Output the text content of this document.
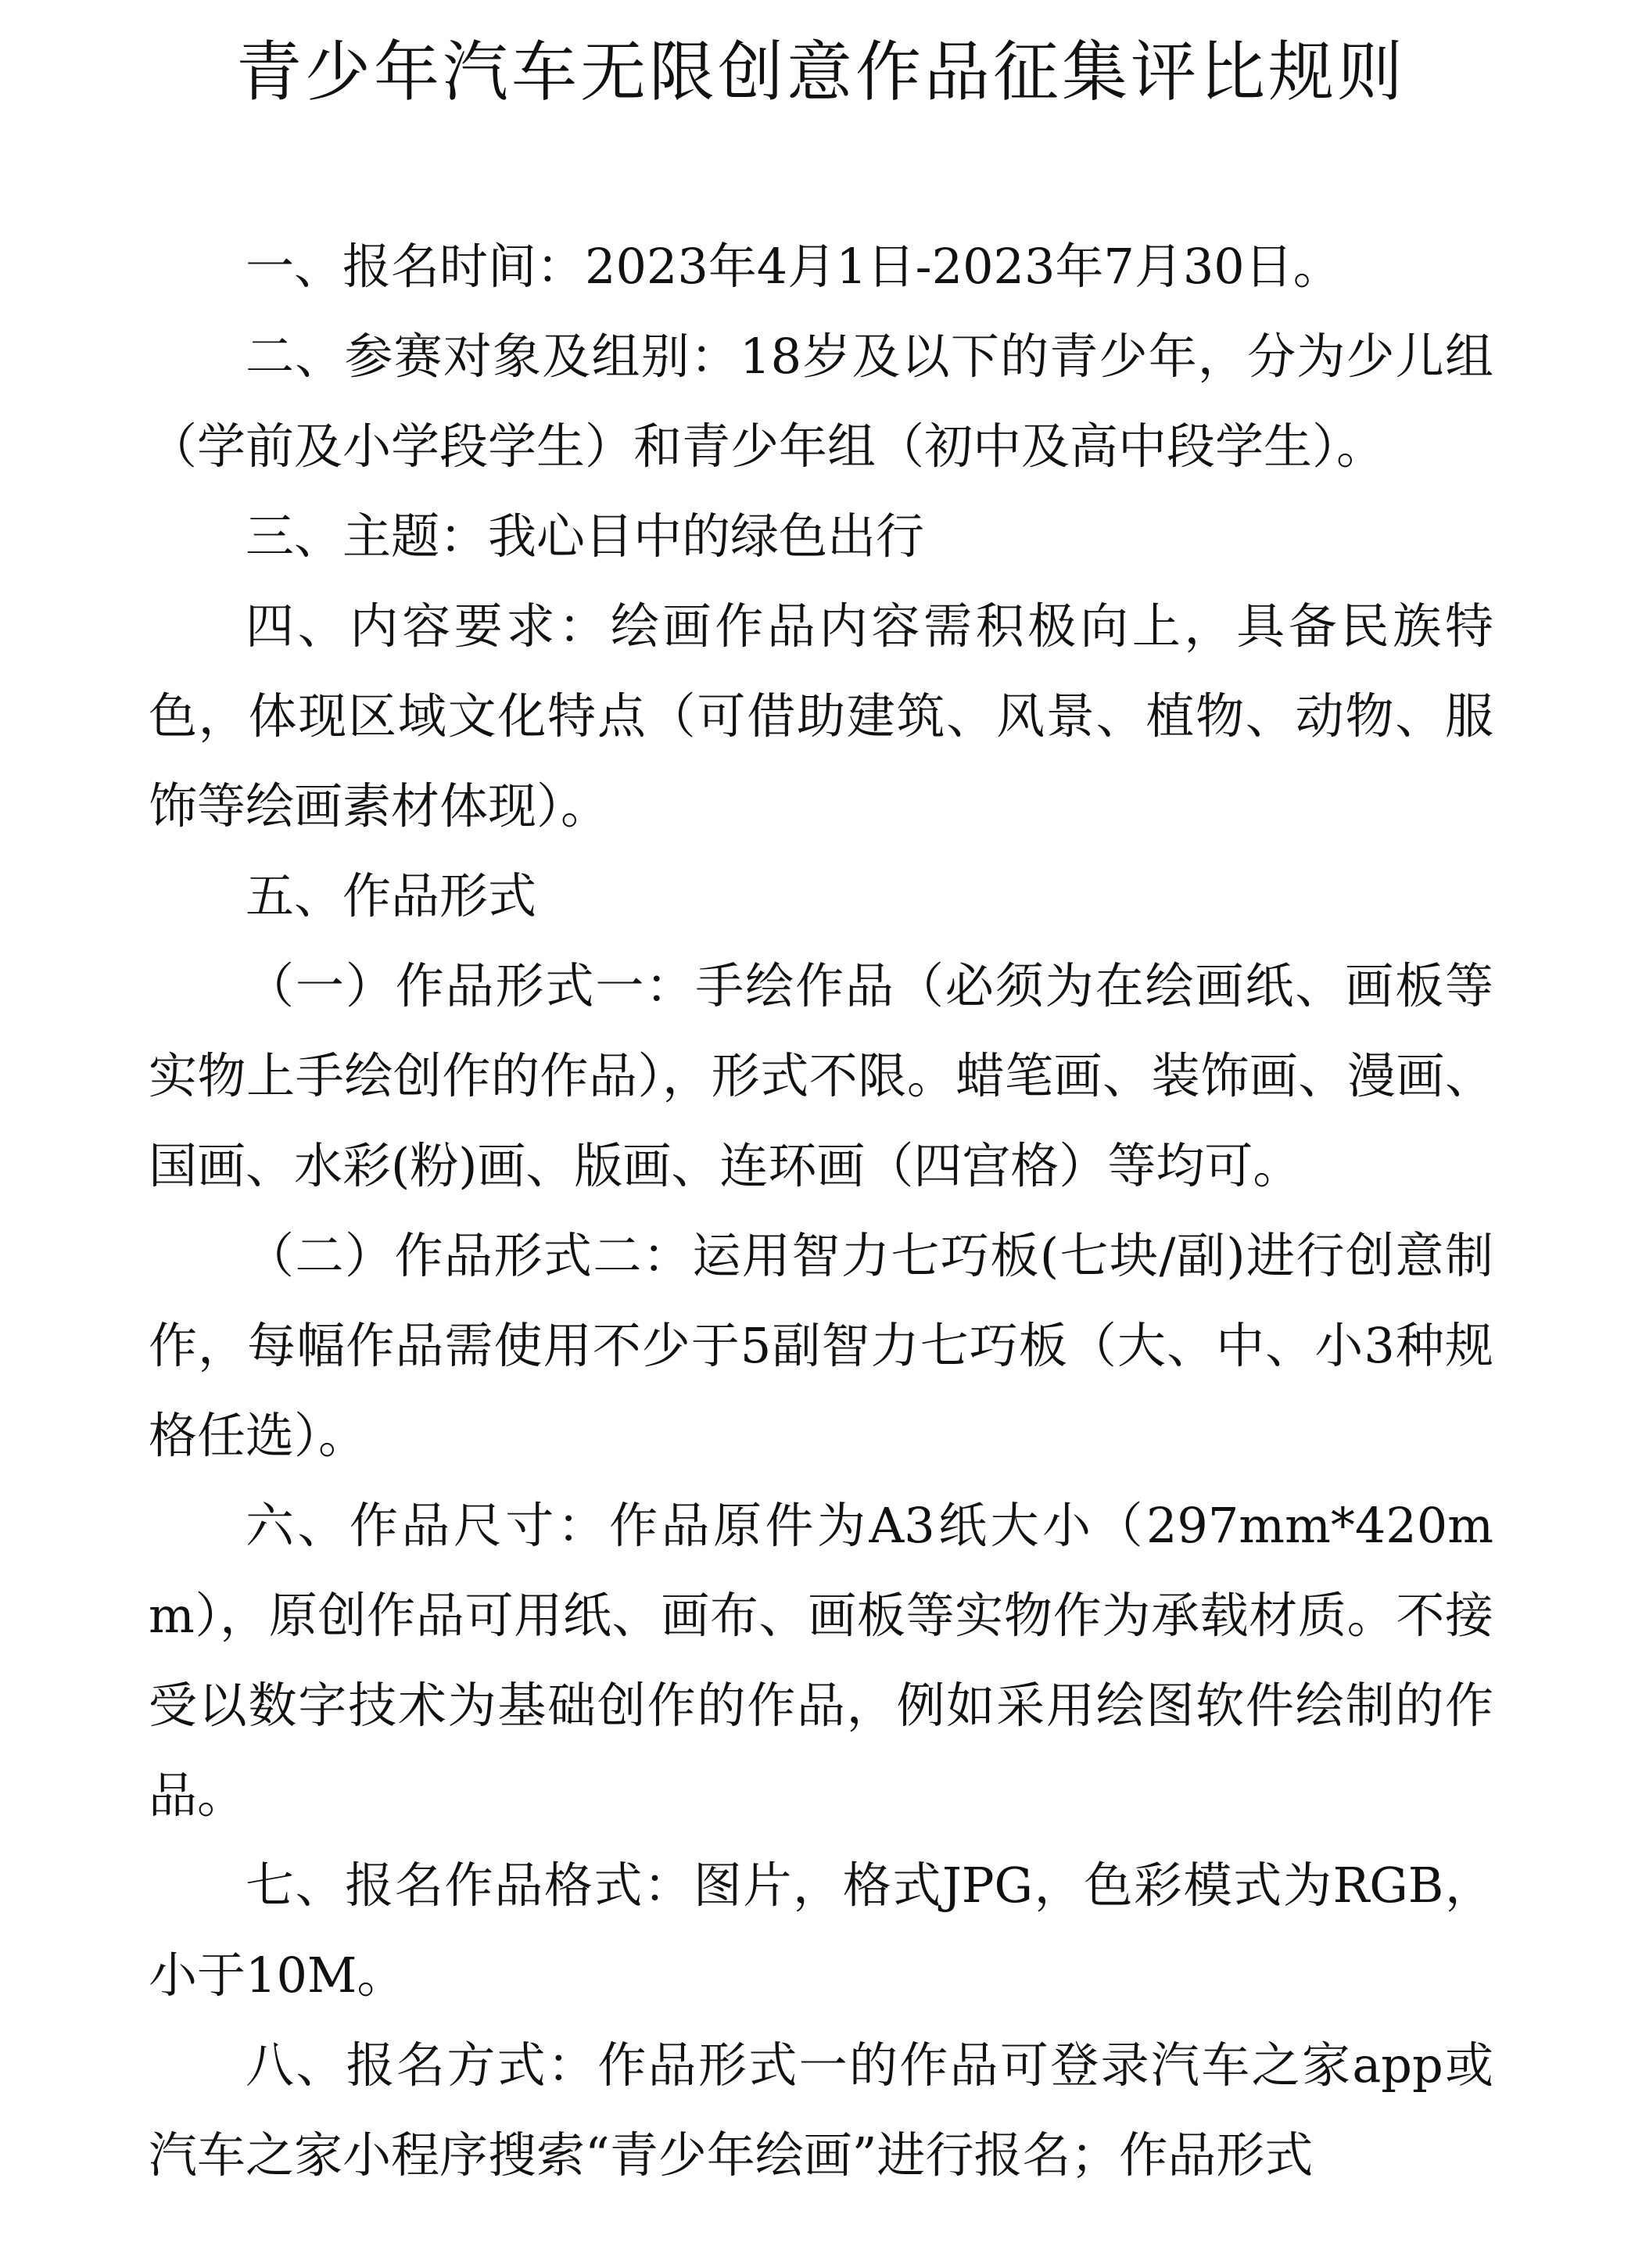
青少年汽车无限创意作品征集评比规则

一、报名时间：2023年4月1日-2023年7月30日。

二、参赛对象及组别：18岁及以下的青少年，分为少儿组（学前及小学段学生）和青少年组（初中及高中段学生）。

三、主题：我心目中的绿色出行

四、内容要求：绘画作品内容需积极向上，具备民族特色，体现区域文化特点（可借助建筑、风景、植物、动物、服饰等绘画素材体现）。

五、作品形式

（一）作品形式一：手绘作品（必须为在绘画纸、画板等实物上手绘创作的作品），形式不限。蜡笔画、装饰画、漫画、国画、水彩(粉)画、版画、连环画（四宫格）等均可。

（二）作品形式二：运用智力七巧板(七块/副)进行创意制作，每幅作品需使用不少于5副智力七巧板（大、中、小3种规格任选）。

六、作品尺寸：作品原件为A3纸大小（297mm*420mm），原创作品可用纸、画布、画板等实物作为承载材质。不接受以数字技术为基础创作的作品，例如采用绘图软件绘制的作品。

七、报名作品格式：图片，格式JPG，色彩模式为RGB，小于10M。

八、报名方式：作品形式一的作品可登录汽车之家app或汽车之家小程序搜索“青少年绘画”进行报名；作品形式
